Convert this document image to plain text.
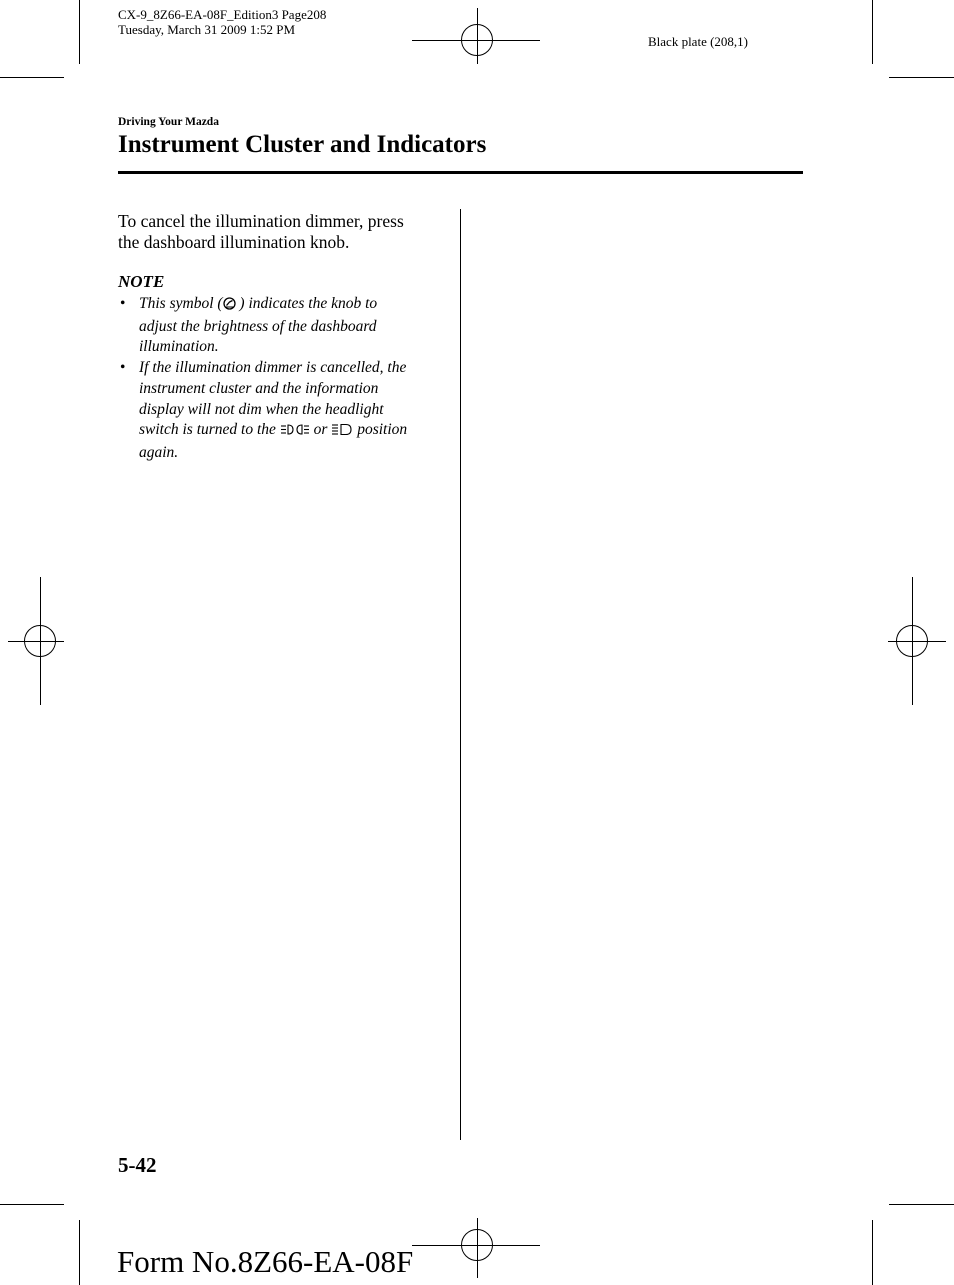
CX-9_8Z66-EA-08F_Edition3 Page208
Tuesday, March 31 2009 1:52 PM
Black plate (208,1)
Driving Your Mazda
Instrument Cluster and Indicators
To cancel the illumination dimmer, press
the dashboard illumination knob.
NOTE
• This symbol ( ) indicates the knob to
adjust the brightness of the dashboard
illumination.
• If the illumination dimmer is cancelled, the
instrument cluster and the information
display will not dim when the headlight
switch is turned to the  or  position
again.
5-42
Form No.8Z66-EA-08F
